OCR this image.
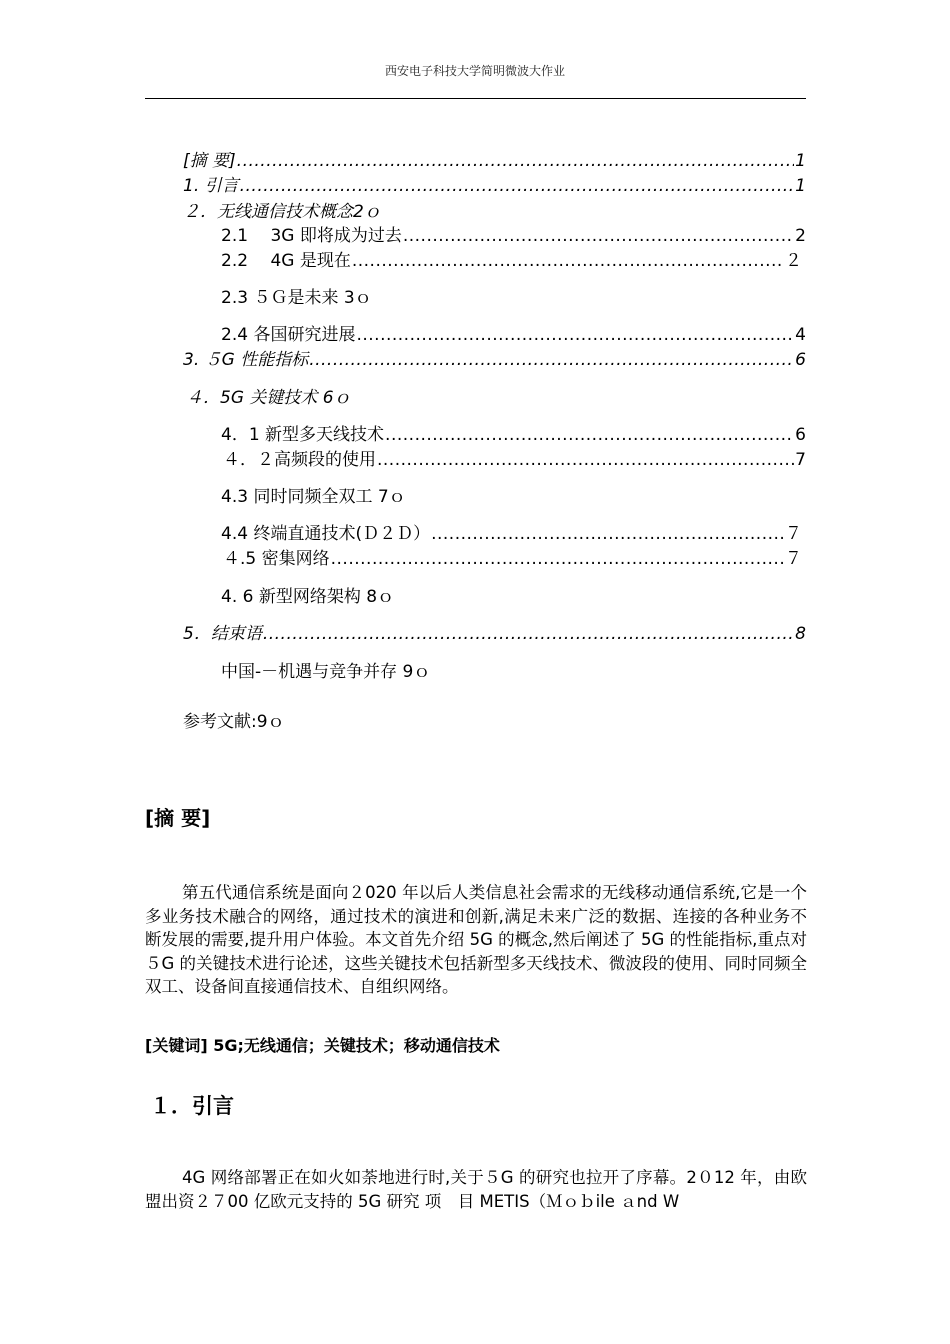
西安电子科技大学简明微波大作业
[摘 要] .....	1
1. 引言 .....	1
２．无线通信技术概念2ｏ
2.1　 3G 即将成为过去 .....	2
2.2　 4G 是现在 .....	２
2.3 ５Ｇ是未来 3ｏ
2.4 各国研究进展 .....	4
3. ５G 性能指标 .....	6
４．5G 关键技术 6ｏ
4．1 新型多天线技术 .....	6
４．２高频段的使用 .....	7
4.3 同时同频全双工 7ｏ
4.4 终端直通技术(Ｄ２Ｄ） .....	７
４.5 密集网络 .....	７
4. 6 新型网络架构 8ｏ
5．结束语 .....	8
中国-－机遇与竞争并存 9ｏ
参考文献:9ｏ
[摘 要]
第五代通信系统是面向２020 年以后人类信息社会需求的无线移动通信系统,它是一个多业务技术融合的网络，通过技术的演进和创新,满足未来广泛的数据、连接的各种业务不断发展的需要,提升用户体验。本文首先介绍 5G 的概念,然后阐述了 5G 的性能指标,重点对５G 的关键技术进行论述，这些关键技术包括新型多天线技术、微波段的使用、同时同频全双工、设备间直接通信技术、自组织网络。
[关键词] 5G;无线通信；关键技术；移动通信技术
１．引言
4G 网络部署正在如火如荼地进行时,关于５G 的研究也拉开了序幕。2０12 年，由欧盟出资２７00 亿欧元支持的 5G 研究 项　目 METIS（Ｍｏｂile ａnd W
